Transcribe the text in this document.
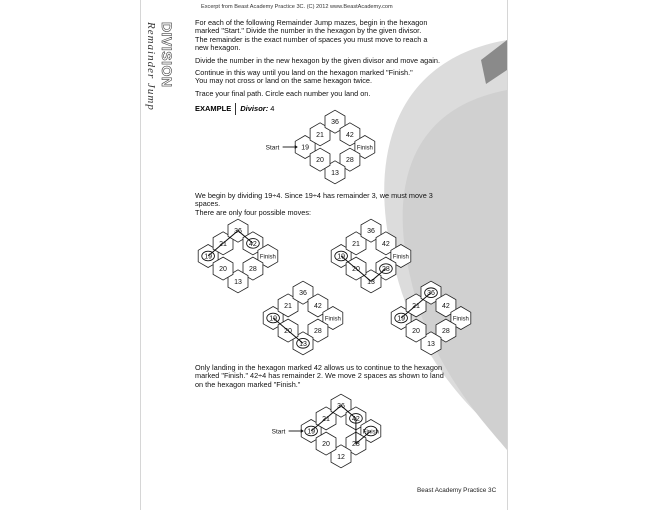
Excerpt from Beast Academy Practice 3C. (C) 2012 www.BeastAcademy.com
DIVISION
Remainder Jump	For each of the following Remainder Jump mazes, begin in the hexagon
marked "Start." Divide the number in the hexagon by the given divisor.
The remainder is the exact number of spaces you must move to reach a
new hexagon.
Divide the number in the new hexagon by the given divisor and move again.
Continue in this way until you land on the hexagon marked "Finish."
You may not cross or land on the same hexagon twice.
Trace your final path. Circle each number you land on.
EXAMPLE Divisor: 4
19
21
36
42
Finish
28
13
20
Start
19
21
36
42
Finish
28
13
20
19
21
36
42
Finish
28
13
20
19
21
36
42
Finish
28
13
20
19
21
36
42
Finish
28
13
20
19
21
36
42
Finish
28
12
20
Start
We begin by dividing 19÷4. Since 19÷4 has remainder 3, we must move 3 spaces.
There are only four possible moves:
Only landing in the hexagon marked 42 allows us to continue to the hexagon
marked "Finish." 42÷4 has remainder 2. We move 2 spaces as shown to land
on the hexagon marked "Finish."
Beast Academy Practice 3C
